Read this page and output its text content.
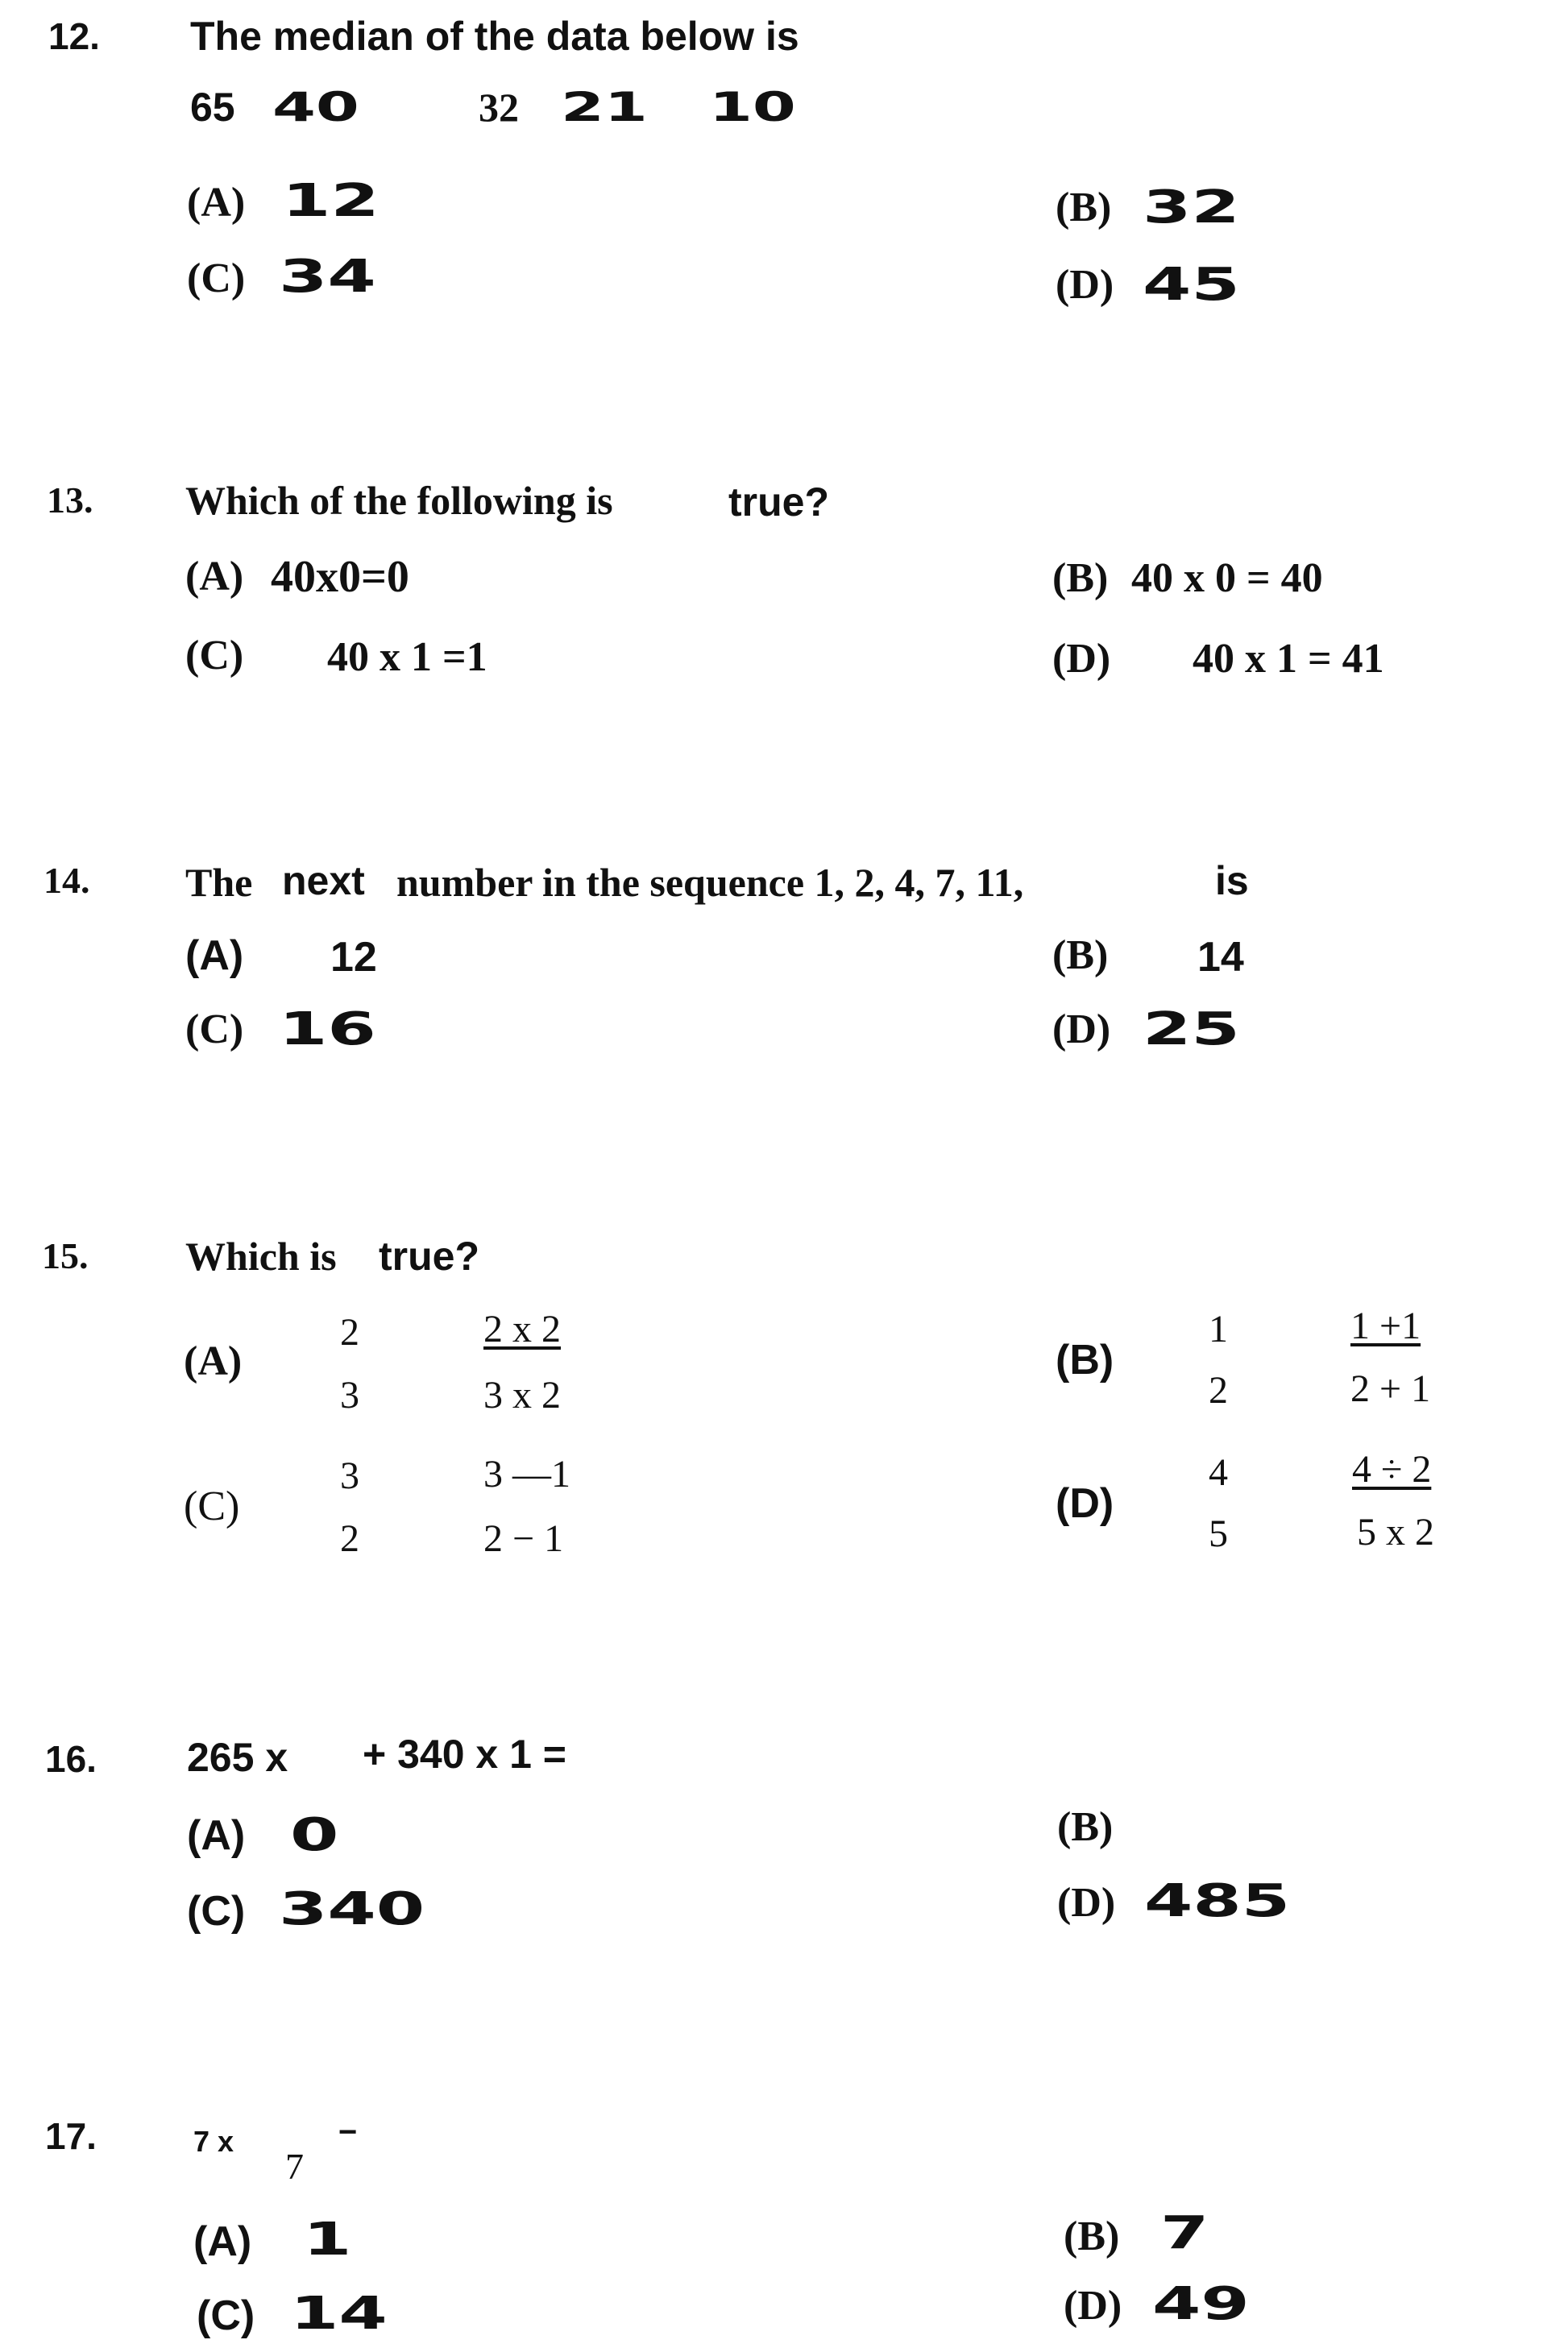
12. The median of the data below is
65 40	32 21 10
(A) 12	(B) 32
(C) 34	(D) 45
13. Which of the following is	true?
(A) 40x0=0	(B) 40 x 0 = 40
(C) 40 x 1 =1	(D) 40 x 1 = 41
14. The next number in the sequence 1, 2, 4, 7, 11,	is
(A) 12	(B) 14
(C) 16	(D) 25
15. Which is true?
(A)
2
3
2 x 2
3 x 2
(B)
1
2
1 +1
2 + 1
(C)
3
2
3 —1
2 − 1
(D)
4
5
4 ÷ 2
5 x 2
16. 265 x + 340 x 1 =
(A) 0	(B)
(C) 340	(D) 485
17.	7 x
7
−
(A) 1	(B) 7
(C) 14	(D) 49
